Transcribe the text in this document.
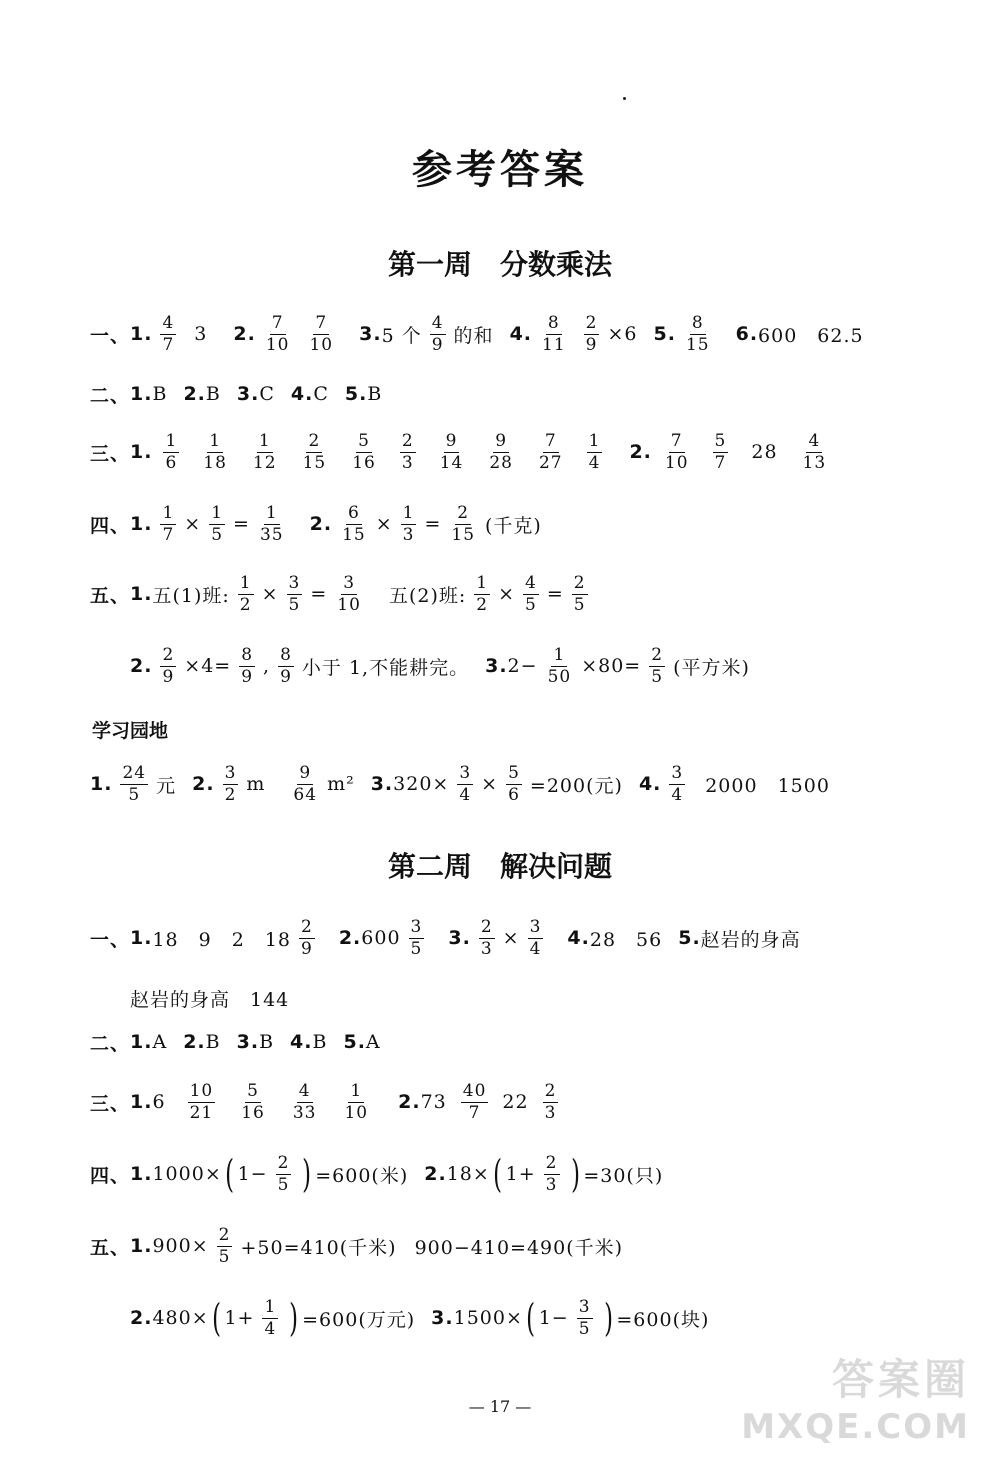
参考答案
第一周　分数乘法
一、 1. $\frac{4}{7} 3$ 2. $\frac{7}{10} \frac{7}{10} 3$. 5 个 $\frac{4}{9}$ 的和 4. $\frac{8}{11} \frac{2}{9} \times 6$ 5. $\frac{8}{15} 6$. 600　62.5
二、 1. B 2. B 3. C 4. C 5. B
三、 1. $\frac{1}{6} \frac{1}{18} \frac{1}{12} \frac{2}{15} \frac{5}{16} \frac{2}{3} \frac{9}{14} \frac{9}{28} \frac{7}{27} \frac{1}{4} 2$. $\frac{7}{10} \frac{5}{7} 28 \frac{4}{13}$
四、 1. $\frac{1}{7} \times \frac{1}{5} = \frac{1}{35} 2$. $\frac{6}{15} \times \frac{1}{3} = \frac{2}{15}$ (千克)
五、 1. 五(1)班: $\frac{1}{2} \times \frac{3}{5} = \frac{3}{10}$ 五(2)班: $\frac{1}{2} \times \frac{4}{5} = \frac{2}{5}$
2. $\frac{2}{9} \times 4= \frac{8}{9}$ , $\frac{8}{9}$ 小于 1,不能耕完。 3. $2- \frac{1}{50} \times 80= \frac{2}{5}$ (平方米)
学习园地
1. $\frac{24}{5}$ 元 2. $\frac{3}{2}$ m $\frac{9}{64} m^2$ 3. $320\times \frac{3}{4} \times \frac{5}{6} =200$(元) 4. $\frac{3}{4} 2000$　1500
第二周　解决问题
一、 1. 18　9　2　$18 \frac{2}{9} 2$. $600 \frac{3}{5} 3$. $\frac{2}{3} \times \frac{3}{4} 4$. 28　56 5. 赵岩的身高
赵岩的身高　144
二、 1. A 2. B 3. B 4. B 5. A
三、 1. $6 \frac{10}{21} \frac{5}{16} \frac{4}{33} \frac{1}{10} 2$. $73 \frac{40}{7} 22 \frac{2}{3}$
四、 1. 1000× ( $1- \frac{2}{5}$ ) =600(米) 2. 18× ( $1+ \frac{2}{3}$ ) =30(只)
五、 1. $900\times \frac{2}{5} +50=410$(千米) 900−410=490(千米)
2. 480× ( $1+ \frac{1}{4}$ ) =600(万元) 3. 1500× ( $1- \frac{3}{5}$ ) =600(块)
— 17 —
答案圈
MXQE.COM
